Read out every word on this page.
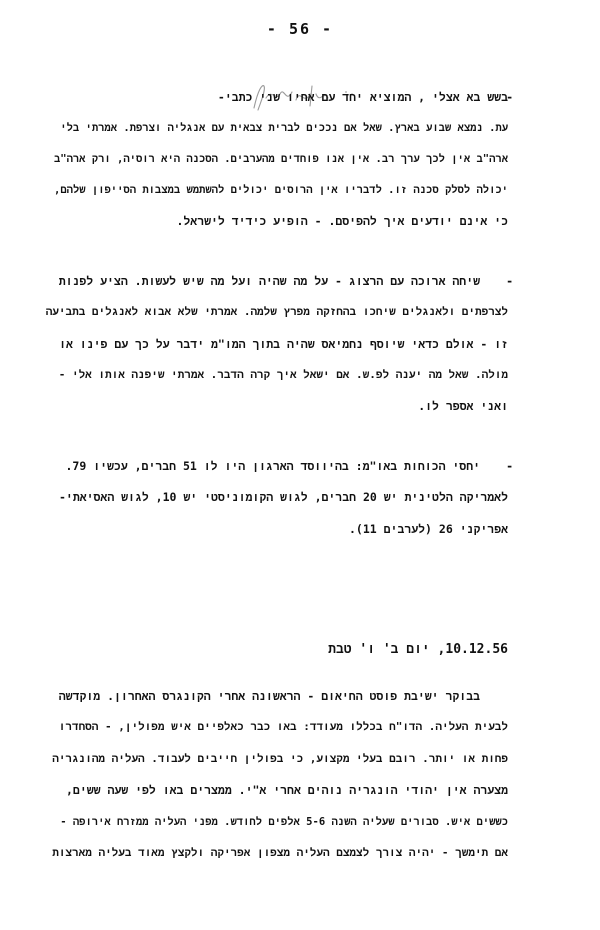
- 56 -
-
בשש בא אצלי , המוציא יחד עם אחיו שני כתבי-
עת. נמצא שבוע בארץ. שאל אם נככים לברית צבאית עם אנגליה וצרפת. אמרתי בלי
ארה"ב אין לכך ערך רב. אין אנו פוחדים מהערבים. הסכנה היא רוסיה, ורק ארה"ב
יכולה לסלק סכנה זו. לדבריו אין הרוסים יכולים להשתמש במצבות הסייפון שלהם,
כי אינם יודעים איך להפיסם. - הופיע כידיד לישראל.
-
שיחה ארוכה עם הרצוג - על מה שהיה ועל מה שיש לעשות. הציע לפנות
לצרפתים ולאנגלים שיחכו בהחזקה מפרץ שלמה. אמרתי שלא אבוא לאנגלים בתביעה
זו - אולם כדאי שיוסף נחמיאס שהיה בתוך המו"מ ידבר על כך עם פינו או
מולה. שאל מה יענה לפ.ש. אם ישאל איך קרה הדבר. אמרתי שיפנה אותו אלי -
ואני אספר לו.
-
יחסי הכוחות באו"מ: בהיווסד הארגון היו לו 51 חברים, עכשיו 79.
לאמריקה הלטינית יש 20 חברים, לגוש הקומוניסטי יש 10, לגוש האסיאתי-
אפריקני 26 (לערבים 11).
10.12.56, יום ב' ו' טבת
בבוקר ישיבת פוסט החיאום - הראשונה אחרי הקונגרס האחרון. מוקדשה
לבעית העליה. הדו"ח בכללו מעודד: באו כבר כאלפיים איש מפולין, - הסחדרו
פחות או יותר. רובם בעלי מקצוע, כי בפולין חייבים לעבוד. העליה מהונגריה
מצערה אין יהודי הונגריה נוהים אחרי א"י. ממצרים באו לפי שעה ששים,
כששים איש. סבורים שעליה השנה 5-6 אלפים לחודש. מפני העליה ממזרח אירופה -
אם תימשך - יהיה צורך לצמצם העליה מצפון אפריקה ולקצץ מאוד בעליה מארצות
